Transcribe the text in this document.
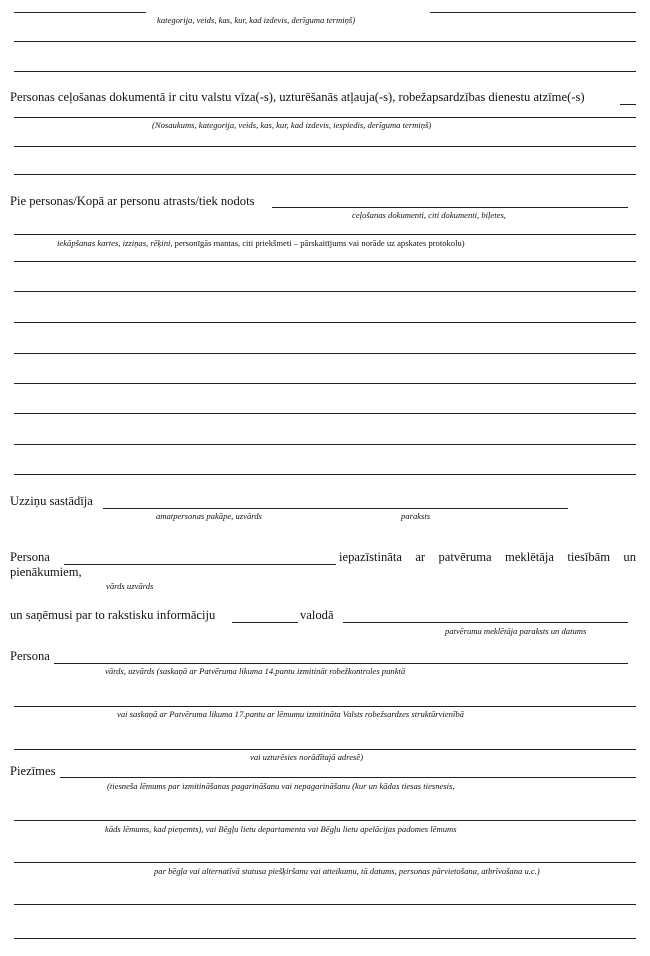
kategorija, veids, kas, kur, kad izdevis, derīguma termiņš)
Personas ceļošanas dokumentā ir citu valstu vīza(-s), uzturēšanās atļauja(-s), robežapsardzības dienestu atzīme(-s)
(Nosaukums, kategorija, veids, kas, kur, kad izdevis, iespiedis, derīguma termiņš)
Pie personas/Kopā ar personu atrasts/tiek nodots
ceļošanas dokumenti, citi dokumenti, biļetes,
iekāpšanas kartes, izziņas, rēķini, personīgās mantas, citi priekšmeti – pārskaitījums vai norāde uz apskates protokolu)
Uzziņu sastādīja
amatpersonas pakāpe, uzvārds	paraksts
Persona	iepazīstināta ar patvēruma meklētāja tiesībām un
pienākumiem,
vārds uzvārds
un saņēmusi par to rakstisku informāciju	valodā
patvēruma meklētāja paraksts un datums
Persona
vārds, uzvārds (saskaņā ar Patvēruma likuma 14.pantu izmitināt robežkontroles punktā
vai saskaņā ar Patvēruma likuma 17.pantu ar lēmumu izmitināta Valsts robežsardzes struktūrvienībā
vai uzturēsies norādītajā adresē)
Piezīmes
(tiesneša lēmums par izmitināšanas pagarināšanu vai nepagarināšanu (kur un kādas tiesas tiesnesis,
kāds lēmums, kad pieņemts), vai Bēgļu lietu departamenta vai Bēgļu lietu apelācijas padomes lēmums
par bēgļa vai alternatīvā statusa piešķiršanu vai atteikumu, tā datums, personas pārvietošana, atbrīvošana u.c.)
